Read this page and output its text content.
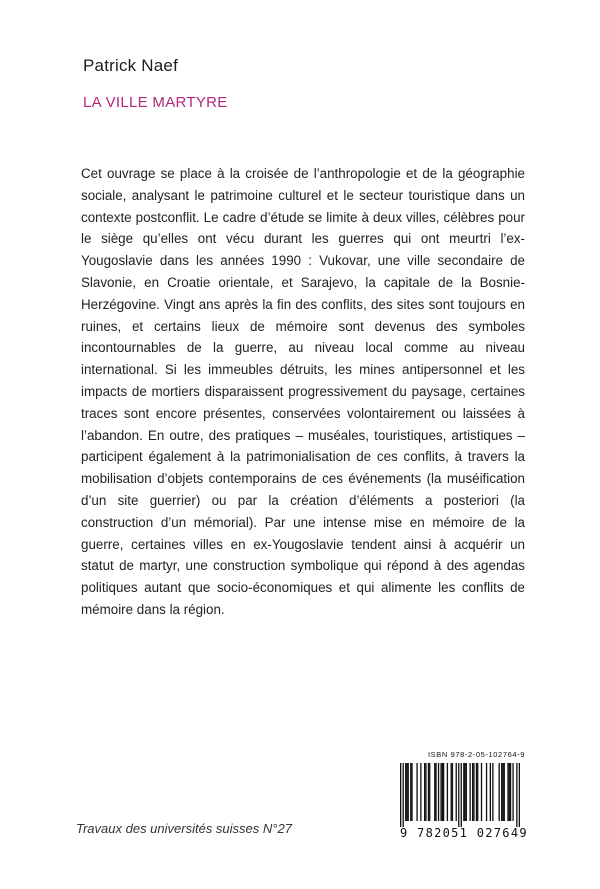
Patrick Naef
LA VILLE MARTYRE
Cet ouvrage se place à la croisée de l’anthropologie et de la géographie sociale, analysant le patrimoine culturel et le secteur touristique dans un contexte postconflit. Le cadre d’étude se limite à deux villes, célèbres pour le siège qu’elles ont vécu durant les guerres qui ont meurtri l’ex-Yougoslavie dans les années 1990 : Vukovar, une ville secondaire de Slavonie, en Croatie orientale, et Sarajevo, la capitale de la Bosnie-Herzégovine. Vingt ans après la fin des conflits, des sites sont toujours en ruines, et certains lieux de mémoire sont devenus des symboles incontournables de la guerre, au niveau local comme au niveau international. Si les immeubles détruits, les mines antipersonnel et les impacts de mortiers disparaissent progressivement du paysage, certaines traces sont encore présentes, conservées volontairement ou laissées à l’abandon. En outre, des pratiques – muséales, touristiques, artistiques – participent également à la patrimonialisation de ces conflits, à travers la mobilisation d’objets contemporains de ces événements (la muséification d’un site guerrier) ou par la création d’éléments a posteriori (la construction d’un mémorial). Par une intense mise en mémoire de la guerre, certaines villes en ex-Yougoslavie tendent ainsi à acquérir un statut de martyr, une construction symbolique qui répond à des agendas politiques autant que socio-économiques et qui alimente les conflits de mémoire dans la région.
Travaux des universités suisses N°27
ISBN 978-2-05-102764-9
9 782051 027649
